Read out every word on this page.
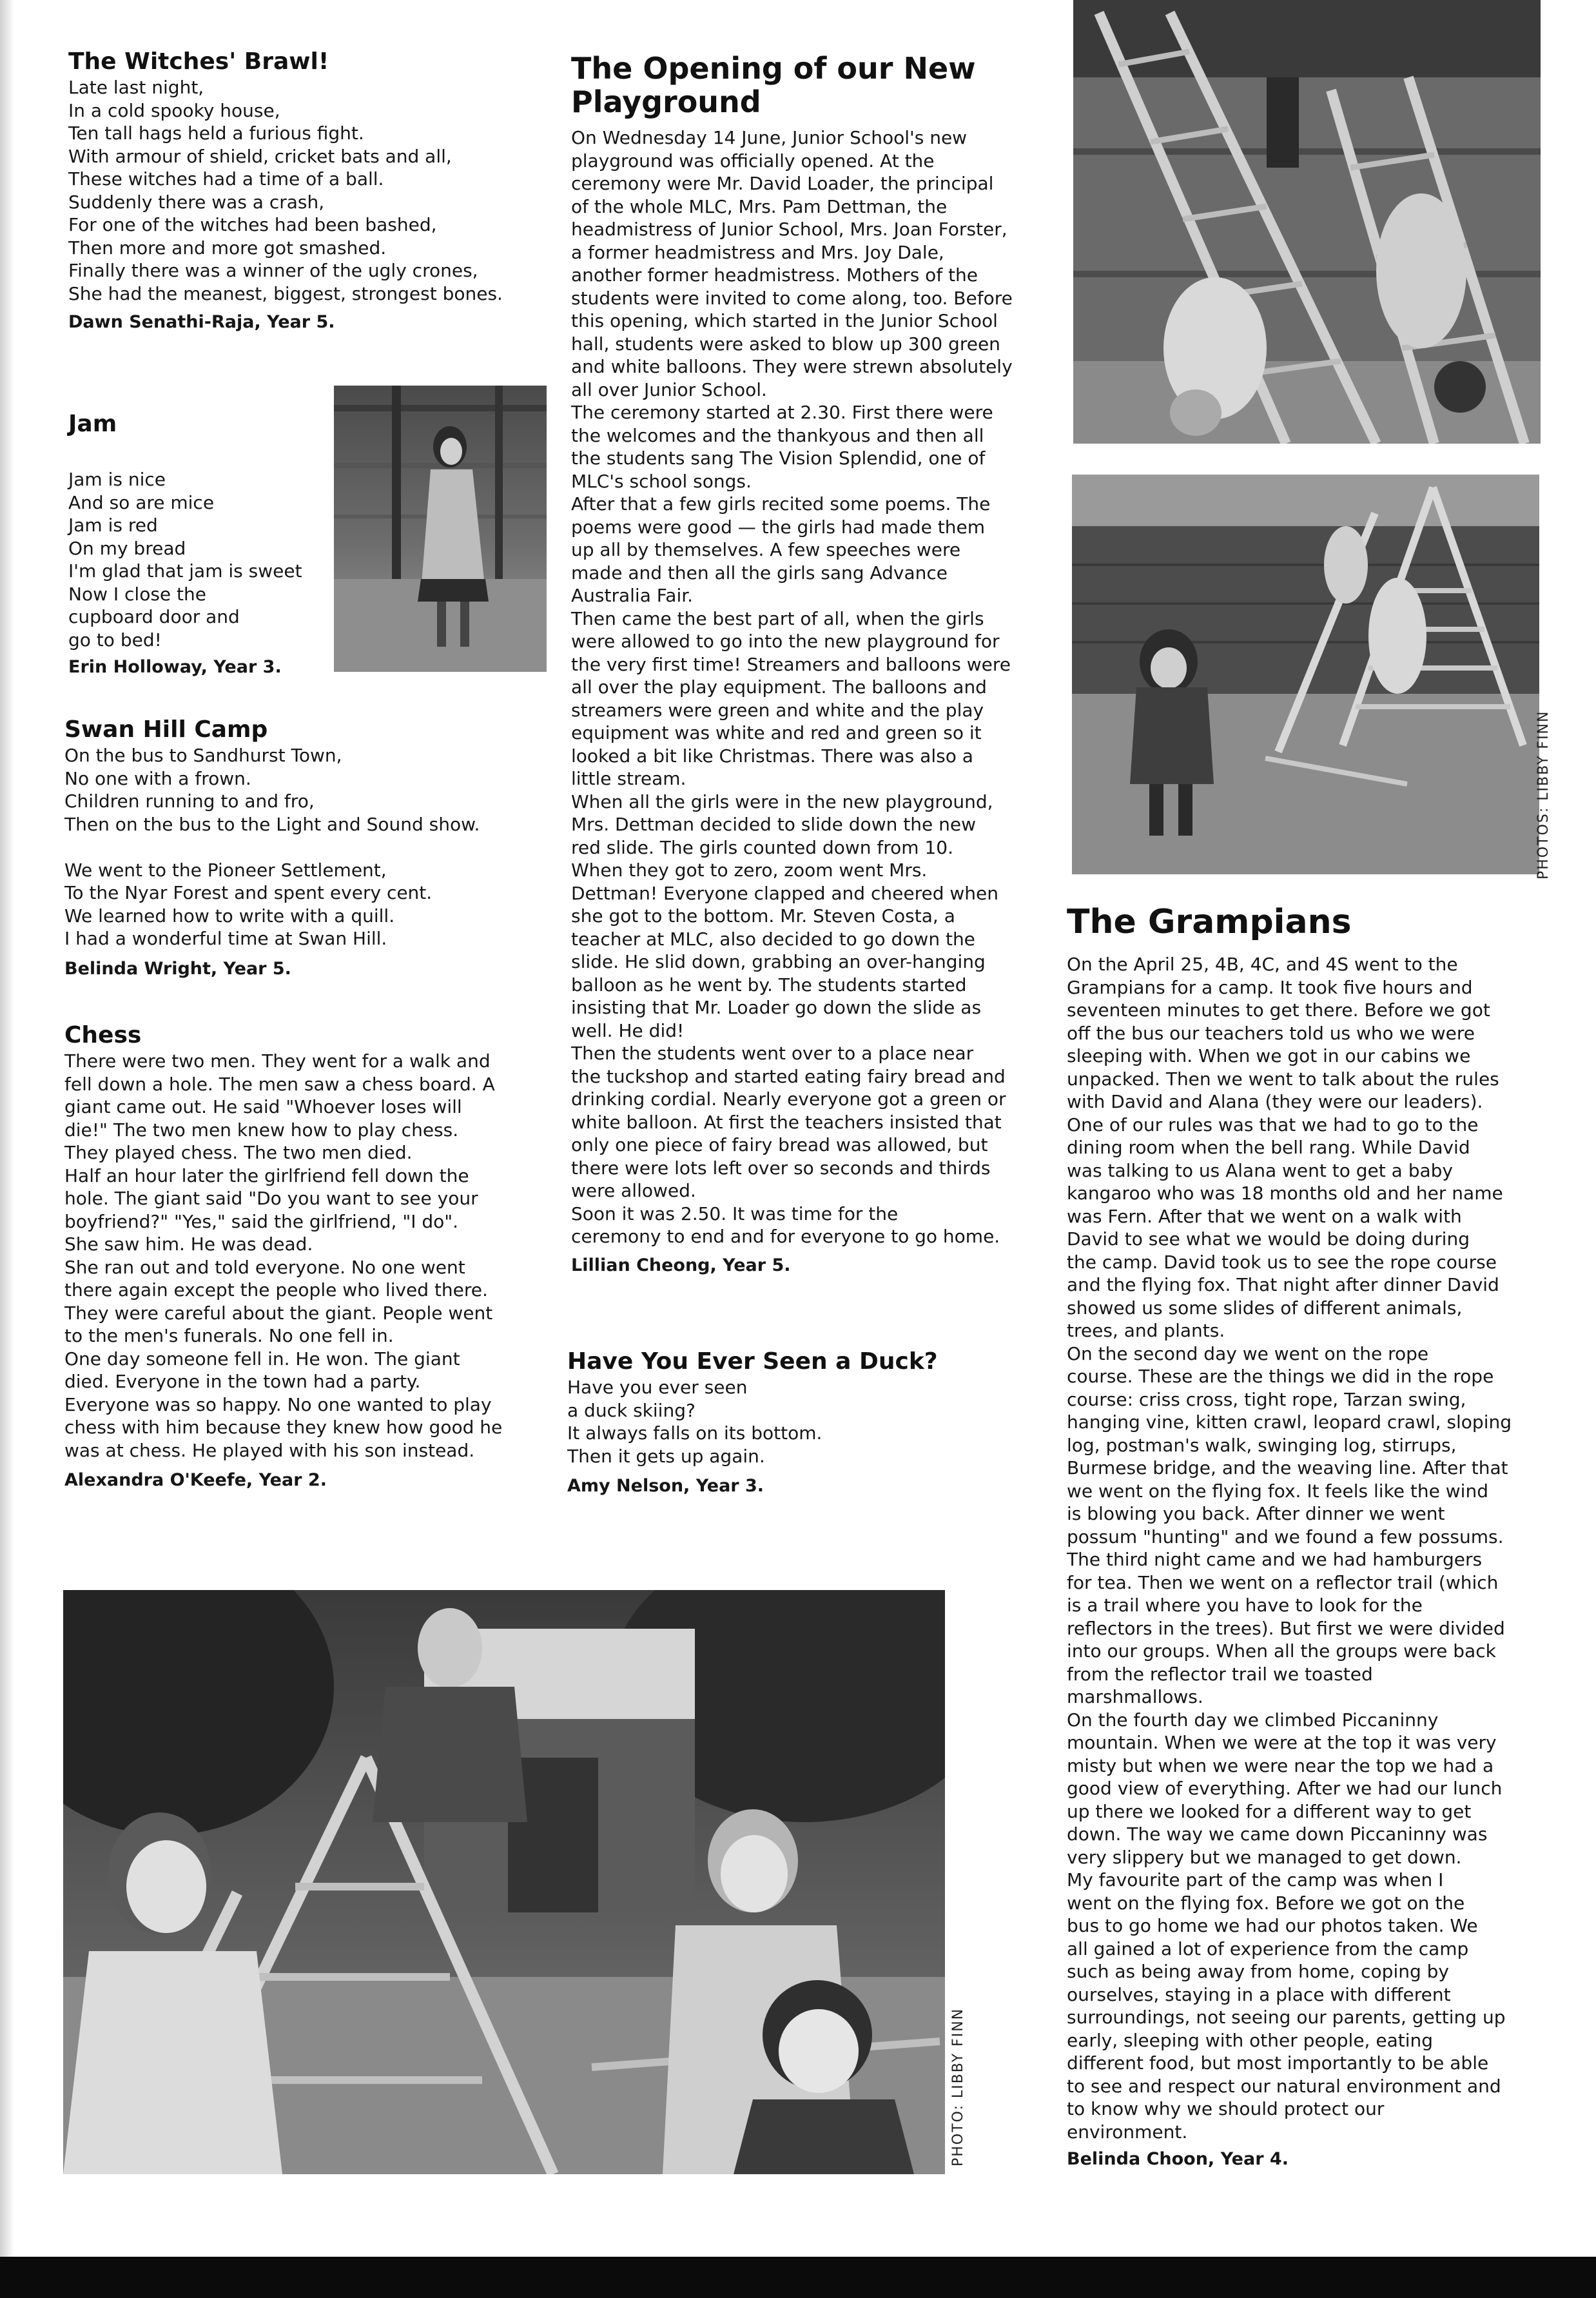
The Witches' Brawl!

Late last night,
In a cold spooky house,
Ten tall hags held a furious fight.
With armour of shield, cricket bats and all,
These witches had a time of a ball.
Suddenly there was a crash,
For one of the witches had been bashed,
Then more and more got smashed.
Finally there was a winner of the ugly crones,
She had the meanest, biggest, strongest bones.

Dawn Senathi-Raja, Year 5.

Jam

Jam is nice
And so are mice
Jam is red
On my bread
I'm glad that jam is sweet
Now I close the
cupboard door and
go to bed!

Erin Holloway, Year 3.

Swan Hill Camp

On the bus to Sandhurst Town,
No one with a frown.
Children running to and fro,
Then on the bus to the Light and Sound show.

We went to the Pioneer Settlement,
To the Nyar Forest and spent every cent.
We learned how to write with a quill.
I had a wonderful time at Swan Hill.

Belinda Wright, Year 5.

Chess

There were two men. They went for a walk and
fell down a hole. The men saw a chess board. A
giant came out. He said "Whoever loses will
die!" The two men knew how to play chess.
They played chess. The two men died.
Half an hour later the girlfriend fell down the
hole. The giant said "Do you want to see your
boyfriend?" "Yes," said the girlfriend, "I do".
She saw him. He was dead.
She ran out and told everyone. No one went
there again except the people who lived there.
They were careful about the giant. People went
to the men's funerals. No one fell in.
One day someone fell in. He won. The giant
died. Everyone in the town had a party.
Everyone was so happy. No one wanted to play
chess with him because they knew how good he
was at chess. He played with his son instead.

Alexandra O'Keefe, Year 2.

The Opening of our New
Playground

On Wednesday 14 June, Junior School's new
playground was officially opened. At the
ceremony were Mr. David Loader, the principal
of the whole MLC, Mrs. Pam Dettman, the
headmistress of Junior School, Mrs. Joan Forster,
a former headmistress and Mrs. Joy Dale,
another former headmistress. Mothers of the
students were invited to come along, too. Before
this opening, which started in the Junior School
hall, students were asked to blow up 300 green
and white balloons. They were strewn absolutely
all over Junior School.
The ceremony started at 2.30. First there were
the welcomes and the thankyous and then all
the students sang The Vision Splendid, one of
MLC's school songs.
After that a few girls recited some poems. The
poems were good — the girls had made them
up all by themselves. A few speeches were
made and then all the girls sang Advance
Australia Fair.
Then came the best part of all, when the girls
were allowed to go into the new playground for
the very first time! Streamers and balloons were
all over the play equipment. The balloons and
streamers were green and white and the play
equipment was white and red and green so it
looked a bit like Christmas. There was also a
little stream.
When all the girls were in the new playground,
Mrs. Dettman decided to slide down the new
red slide. The girls counted down from 10.
When they got to zero, zoom went Mrs.
Dettman! Everyone clapped and cheered when
she got to the bottom. Mr. Steven Costa, a
teacher at MLC, also decided to go down the
slide. He slid down, grabbing an over-hanging
balloon as he went by. The students started
insisting that Mr. Loader go down the slide as
well. He did!
Then the students went over to a place near
the tuckshop and started eating fairy bread and
drinking cordial. Nearly everyone got a green or
white balloon. At first the teachers insisted that
only one piece of fairy bread was allowed, but
there were lots left over so seconds and thirds
were allowed.
Soon it was 2.50. It was time for the
ceremony to end and for everyone to go home.

Lillian Cheong, Year 5.

Have You Ever Seen a Duck?

Have you ever seen
a duck skiing?
It always falls on its bottom.
Then it gets up again.

Amy Nelson, Year 3.

PHOTOS: LIBBY FINN
The Grampians

On the April 25, 4B, 4C, and 4S went to the
Grampians for a camp. It took five hours and
seventeen minutes to get there. Before we got
off the bus our teachers told us who we were
sleeping with. When we got in our cabins we
unpacked. Then we went to talk about the rules
with David and Alana (they were our leaders).
One of our rules was that we had to go to the
dining room when the bell rang. While David
was talking to us Alana went to get a baby
kangaroo who was 18 months old and her name
was Fern. After that we went on a walk with
David to see what we would be doing during
the camp. David took us to see the rope course
and the flying fox. That night after dinner David
showed us some slides of different animals,
trees, and plants.
On the second day we went on the rope
course. These are the things we did in the rope
course: criss cross, tight rope, Tarzan swing,
hanging vine, kitten crawl, leopard crawl, sloping
log, postman's walk, swinging log, stirrups,
Burmese bridge, and the weaving line. After that
we went on the flying fox. It feels like the wind
is blowing you back. After dinner we went
possum "hunting" and we found a few possums.
The third night came and we had hamburgers
for tea. Then we went on a reflector trail (which
is a trail where you have to look for the
reflectors in the trees). But first we were divided
into our groups. When all the groups were back
from the reflector trail we toasted
marshmallows.
On the fourth day we climbed Piccaninny
mountain. When we were at the top it was very
misty but when we were near the top we had a
good view of everything. After we had our lunch
up there we looked for a different way to get
down. The way we came down Piccaninny was
very slippery but we managed to get down.
My favourite part of the camp was when I
went on the flying fox. Before we got on the
bus to go home we had our photos taken. We
all gained a lot of experience from the camp
such as being away from home, coping by
ourselves, staying in a place with different
surroundings, not seeing our parents, getting up
early, sleeping with other people, eating
different food, but most importantly to be able
to see and respect our natural environment and
to know why we should protect our
environment.

Belinda Choon, Year 4.

PHOTO: LIBBY FINN
